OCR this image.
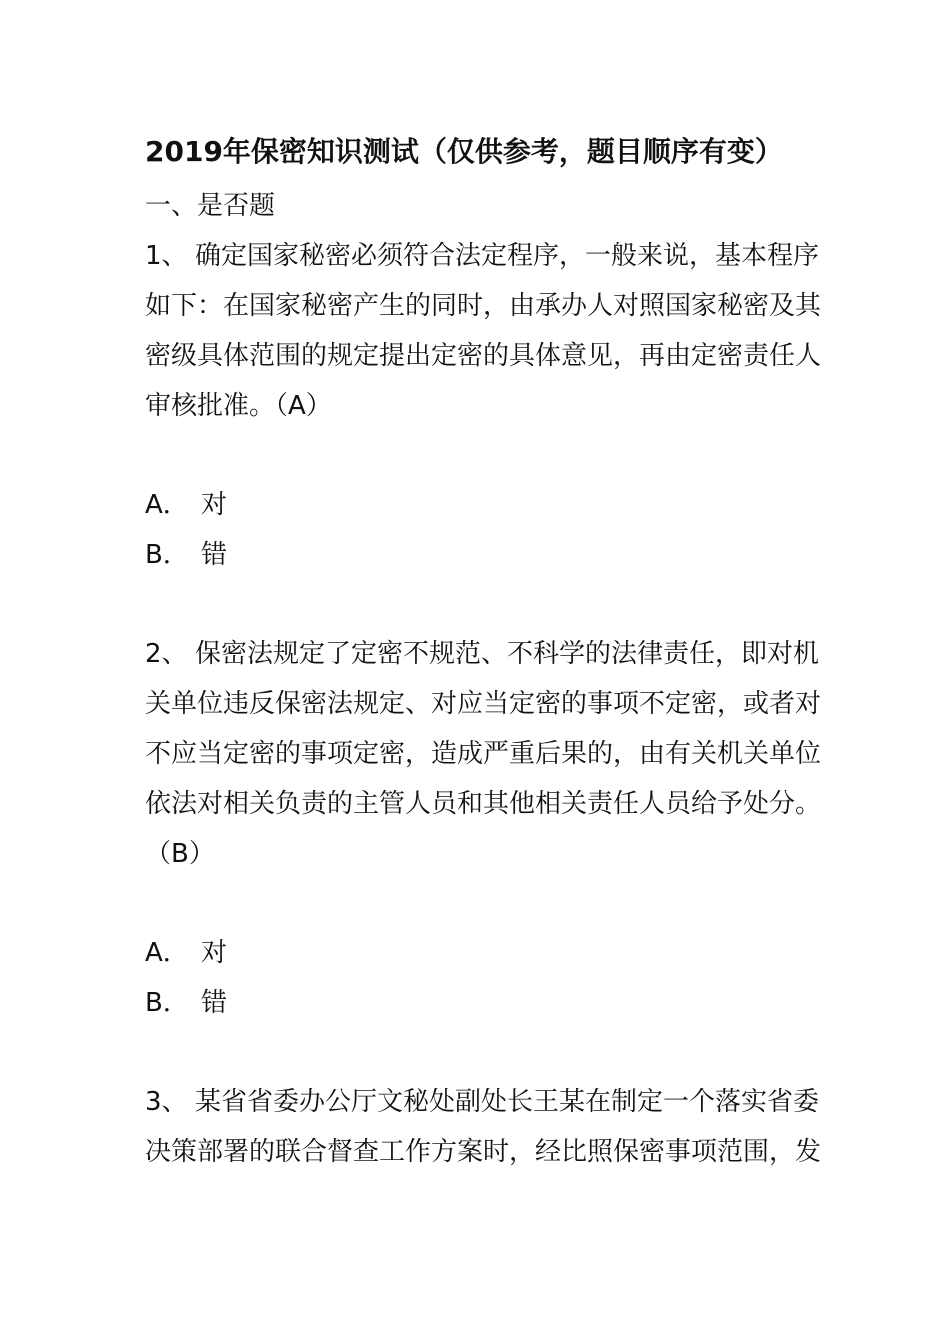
2019年保密知识测试（仅供参考，题目顺序有变）
一、是否题
1、 确定国家秘密必须符合法定程序，一般来说，基本程序
如下：在国家秘密产生的同时，由承办人对照国家秘密及其
密级具体范围的规定提出定密的具体意见，再由定密责任人
审核批准。（A）
A． 对
B． 错
2、 保密法规定了定密不规范、不科学的法律责任，即对机
关单位违反保密法规定、对应当定密的事项不定密，或者对
不应当定密的事项定密，造成严重后果的，由有关机关单位
依法对相关负责的主管人员和其他相关责任人员给予处分。
（B）
A． 对
B． 错
3、 某省省委办公厅文秘处副处长王某在制定一个落实省委
决策部署的联合督查工作方案时，经比照保密事项范围，发
